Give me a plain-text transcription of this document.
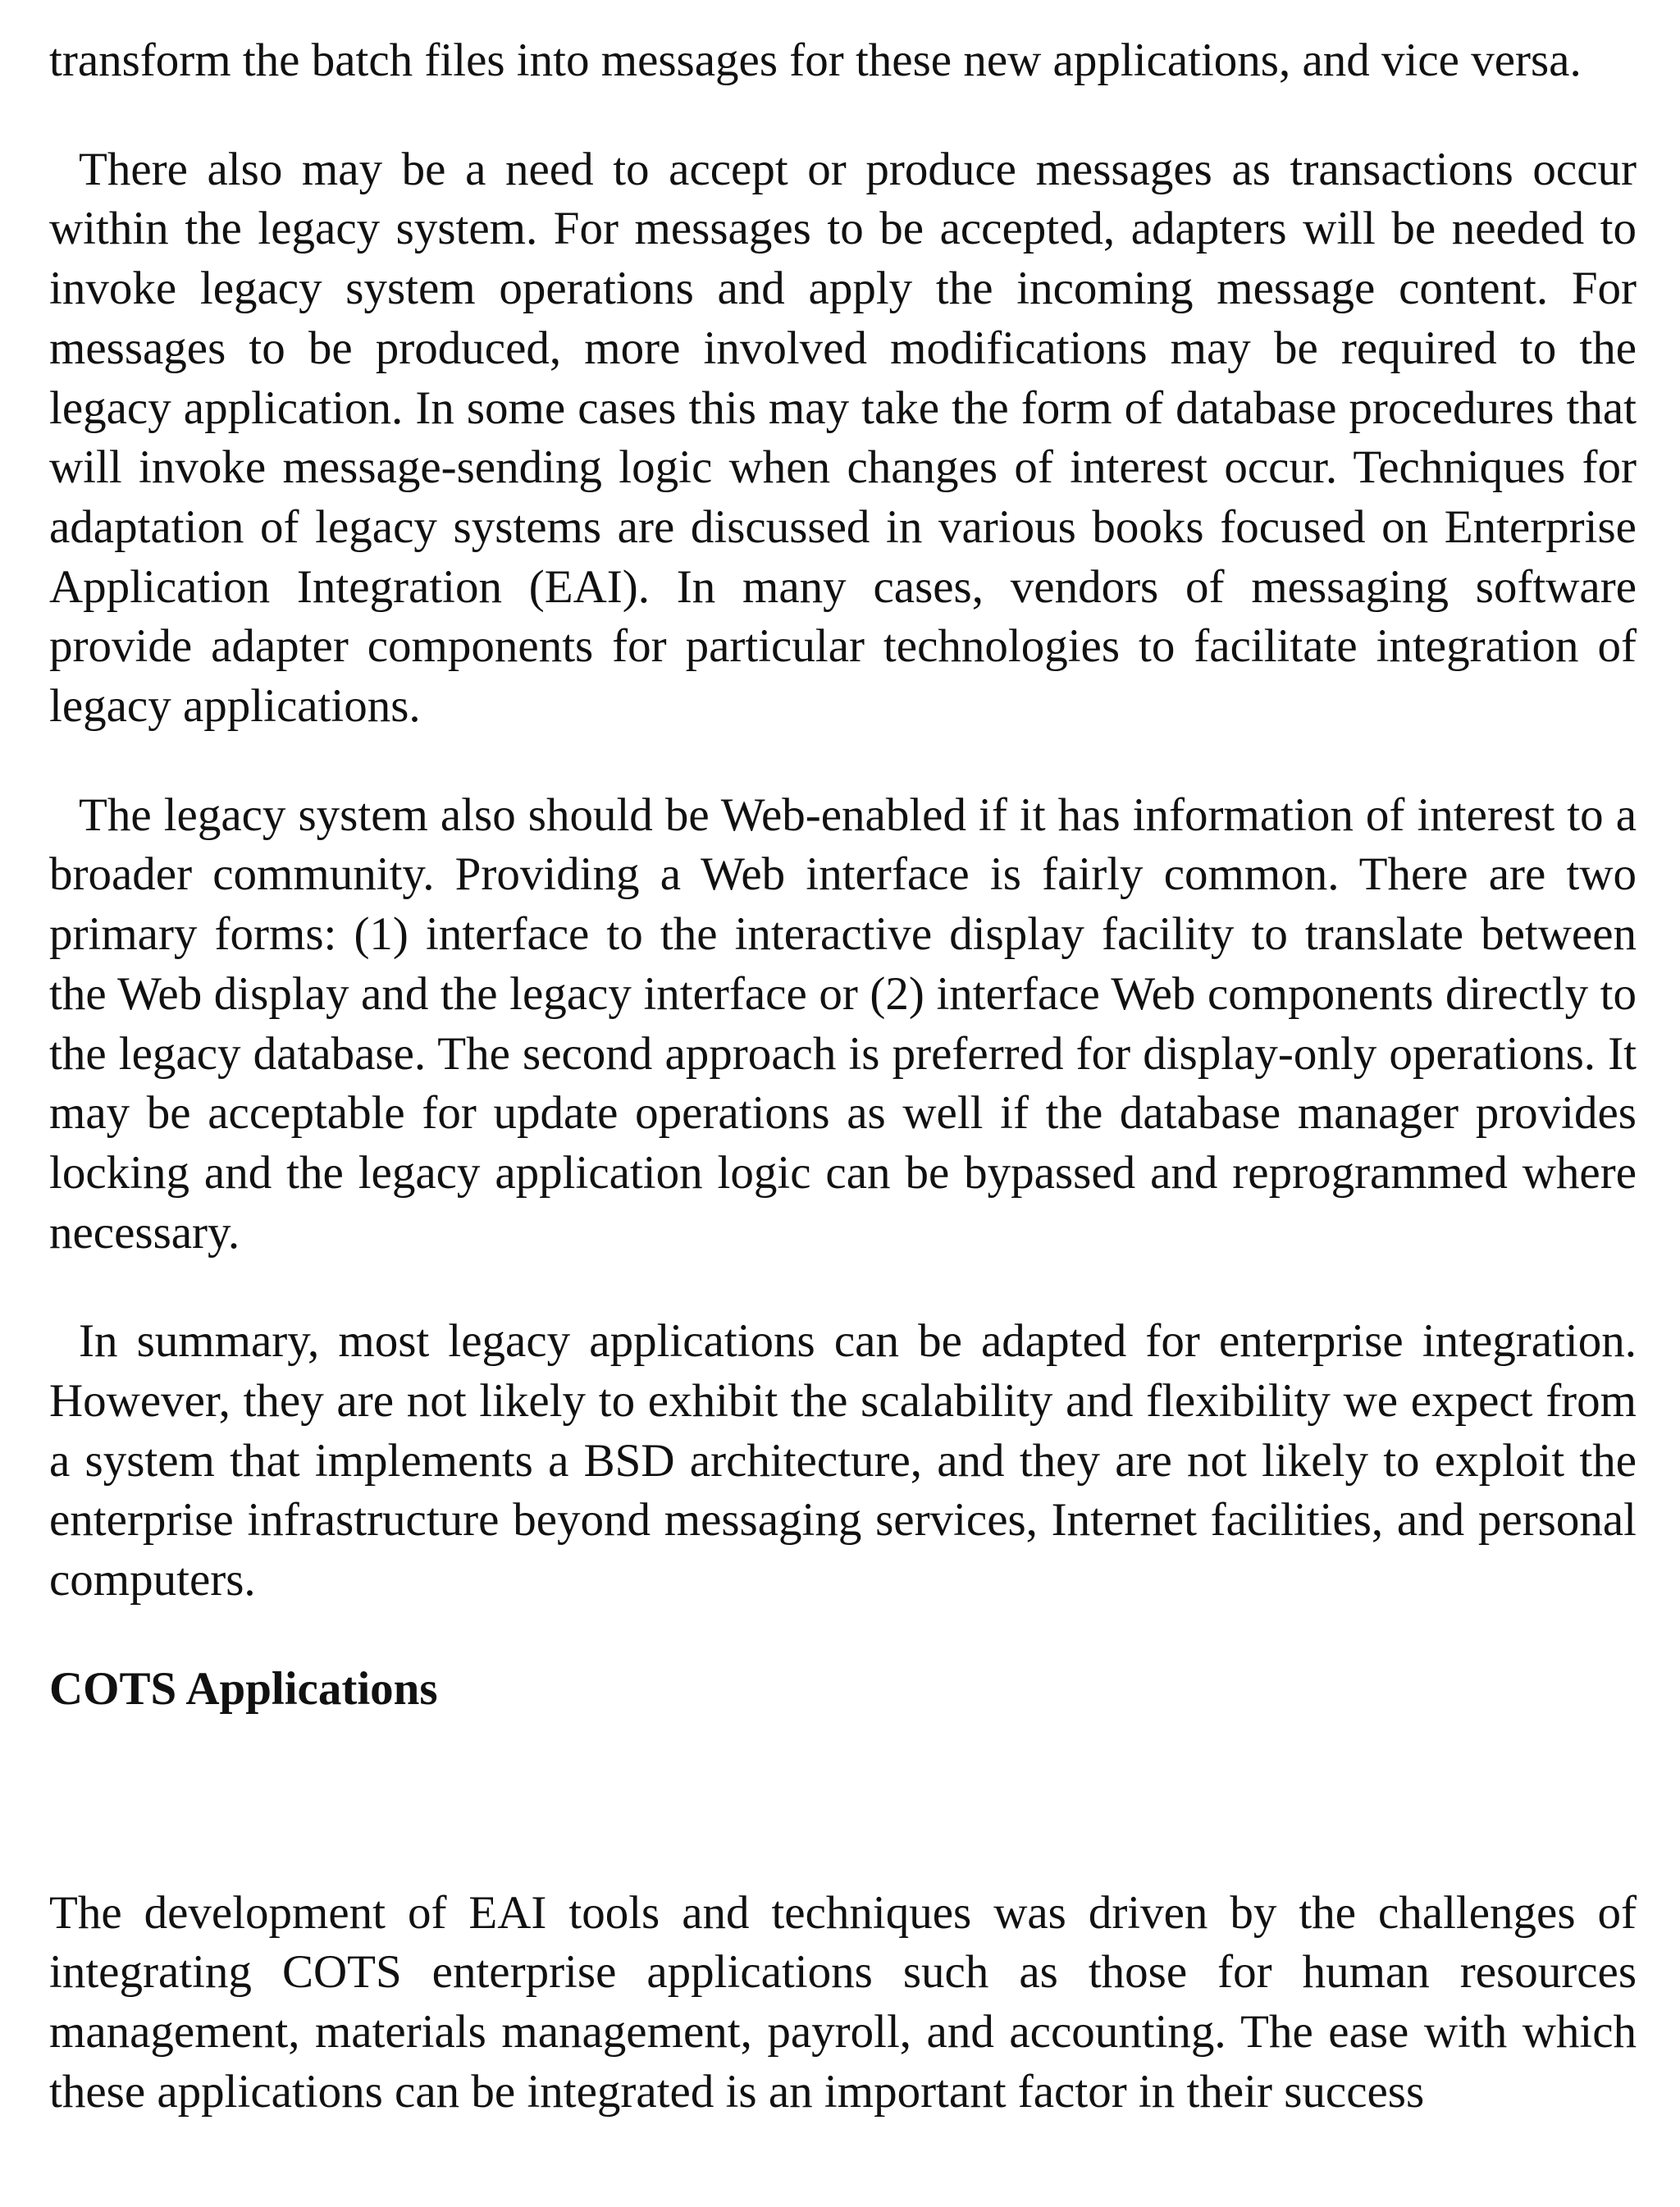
transform the batch files into messages for these new applications, and vice versa.

There also may be a need to accept or produce messages as transactions occur within the legacy system. For messages to be accepted, adapters will be needed to invoke legacy system operations and apply the incoming message content. For messages to be produced, more involved modifications may be required to the legacy application. In some cases this may take the form of database procedures that will invoke message-sending logic when changes of interest occur. Techniques for adaptation of legacy systems are discussed in various books focused on Enterprise Application Integration (EAI). In many cases, vendors of messaging software provide adapter components for particular technologies to facilitate integration of legacy applications.

The legacy system also should be Web-enabled if it has information of interest to a broader community. Providing a Web interface is fairly common. There are two primary forms: (1) interface to the interactive display facility to translate between the Web display and the legacy interface or (2) interface Web components directly to the legacy database. The second approach is preferred for display-only operations. It may be acceptable for update operations as well if the database manager provides locking and the legacy application logic can be bypassed and reprogrammed where necessary.

In summary, most legacy applications can be adapted for enterprise integration. However, they are not likely to exhibit the scalability and flexibility we expect from a system that implements a BSD architecture, and they are not likely to exploit the enterprise infrastructure beyond messaging services, Internet facilities, and personal computers.

COTS Applications

The development of EAI tools and techniques was driven by the challenges of integrating COTS enterprise applications such as those for human resources management, materials management, payroll, and accounting. The ease with which these applications can be integrated is an important factor in their success
